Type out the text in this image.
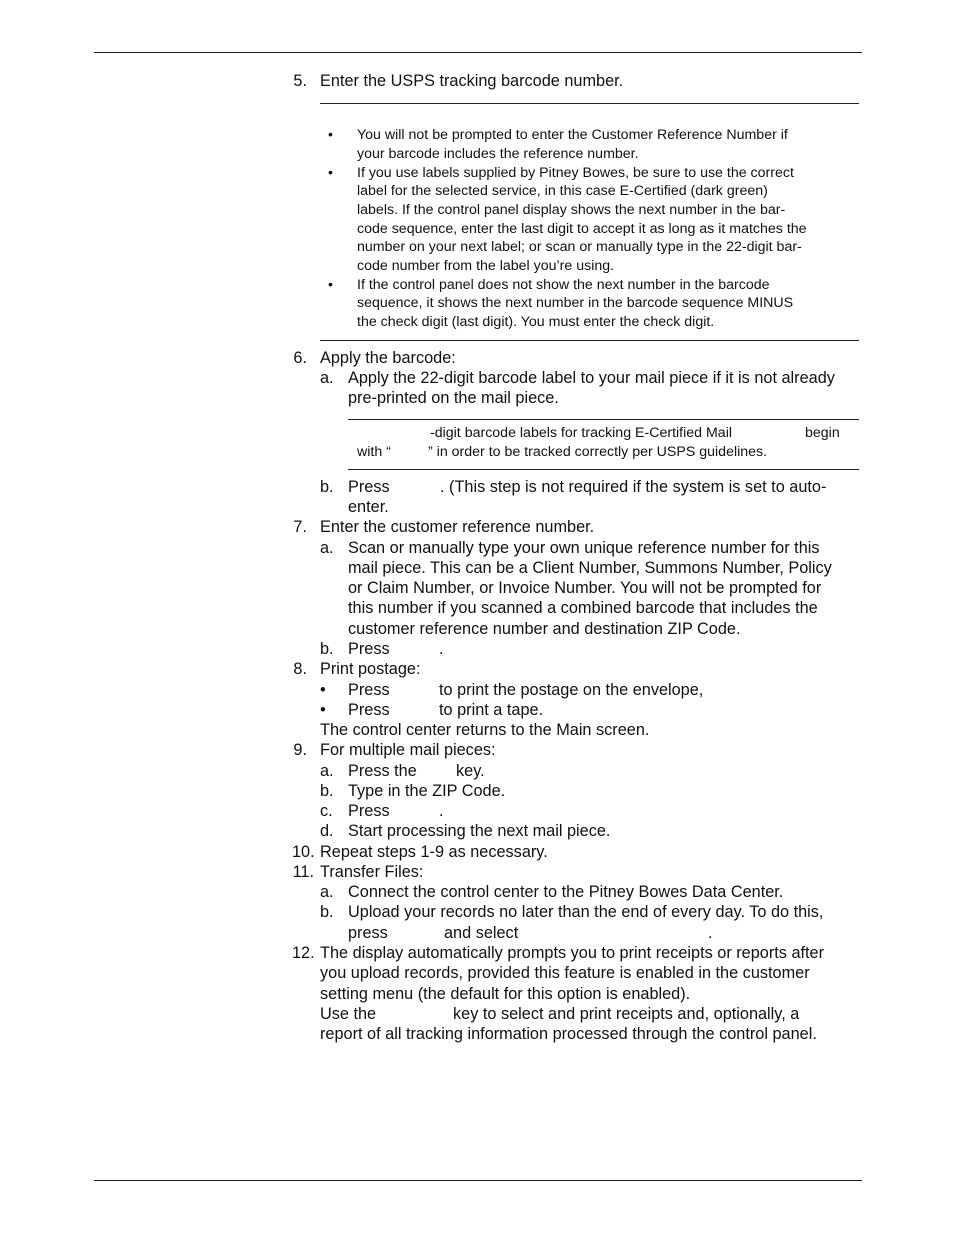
5. Enter the USPS tracking barcode number.
• You will not be prompted to enter the Customer Reference Number if
your barcode includes the reference number.
• If you use labels supplied by Pitney Bowes, be sure to use the correct
label for the selected service, in this case E-Certified (dark green)
labels. If the control panel display shows the next number in the bar-
code sequence, enter the last digit to accept it as long as it matches the
number on your next label; or scan or manually type in the 22-digit bar-
code number from the label you’re using.
• If the control panel does not show the next number in the barcode
sequence, it shows the next number in the barcode sequence MINUS
the check digit (last digit). You must enter the check digit.
6. Apply the barcode:
a. Apply the 22-digit barcode label to your mail piece if it is not already
pre-printed on the mail piece.
-digit barcode labels for tracking E-Certified Mail	begin
with “	” in order to be tracked correctly per USPS guidelines.
b. Press	. (This step is not required if the system is set to auto-
enter.
7. Enter the customer reference number.
a. Scan or manually type your own unique reference number for this
mail piece. This can be a Client Number, Summons Number, Policy
or Claim Number, or Invoice Number. You will not be prompted for
this number if you scanned a combined barcode that includes the
customer reference number and destination ZIP Code.
b. Press	.
8. Print postage:
• Press	to print the postage on the envelope,
• Press	to print a tape.
The control center returns to the Main screen.
9. For multiple mail pieces:
a. Press the key.
b. Type in the ZIP Code.
c. Press	.
d. Start processing the next mail piece.
10. Repeat steps 1-9 as necessary.
11. Transfer Files:
a. Connect the control center to the Pitney Bowes Data Center.
b. Upload your records no later than the end of every day. To do this,
press	and select	.
12. The display automatically prompts you to print receipts or reports after
you upload records, provided this feature is enabled in the customer
setting menu (the default for this option is enabled).
Use the	key to select and print receipts and, optionally, a
report of all tracking information processed through the control panel.
